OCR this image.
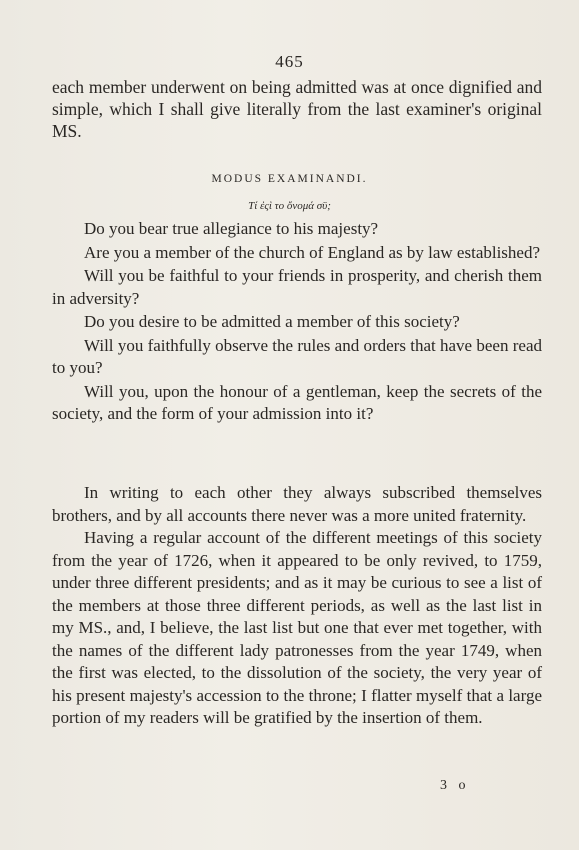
465

each member underwent on being admitted was at once dignified and simple, which I shall give literally from the last examiner's original MS.

MODUS EXAMINANDI.
Τί ἐςὶ το ὄνομά σϋ;

Do you bear true allegiance to his majesty?

Are you a member of the church of England as by law established?

Will you be faithful to your friends in prosperity, and cherish them in adversity?

Do you desire to be admitted a member of this society?

Will you faithfully observe the rules and orders that have been read to you?

Will you, upon the honour of a gentleman, keep the secrets of the society, and the form of your admission into it?

In writing to each other they always subscribed themselves brothers, and by all accounts there never was a more united fraternity.

Having a regular account of the different meetings of this society from the year of 1726, when it appeared to be only revived, to 1759, under three different presidents; and as it may be curious to see a list of the members at those three different periods, as well as the last list in my MS., and, I believe, the last list but one that ever met together, with the names of the different lady patronesses from the year 1749, when the first was elected, to the dissolution of the society, the very year of his present majesty's accession to the throne; I flatter myself that a large portion of my readers will be gratified by the insertion of them.

3 o
